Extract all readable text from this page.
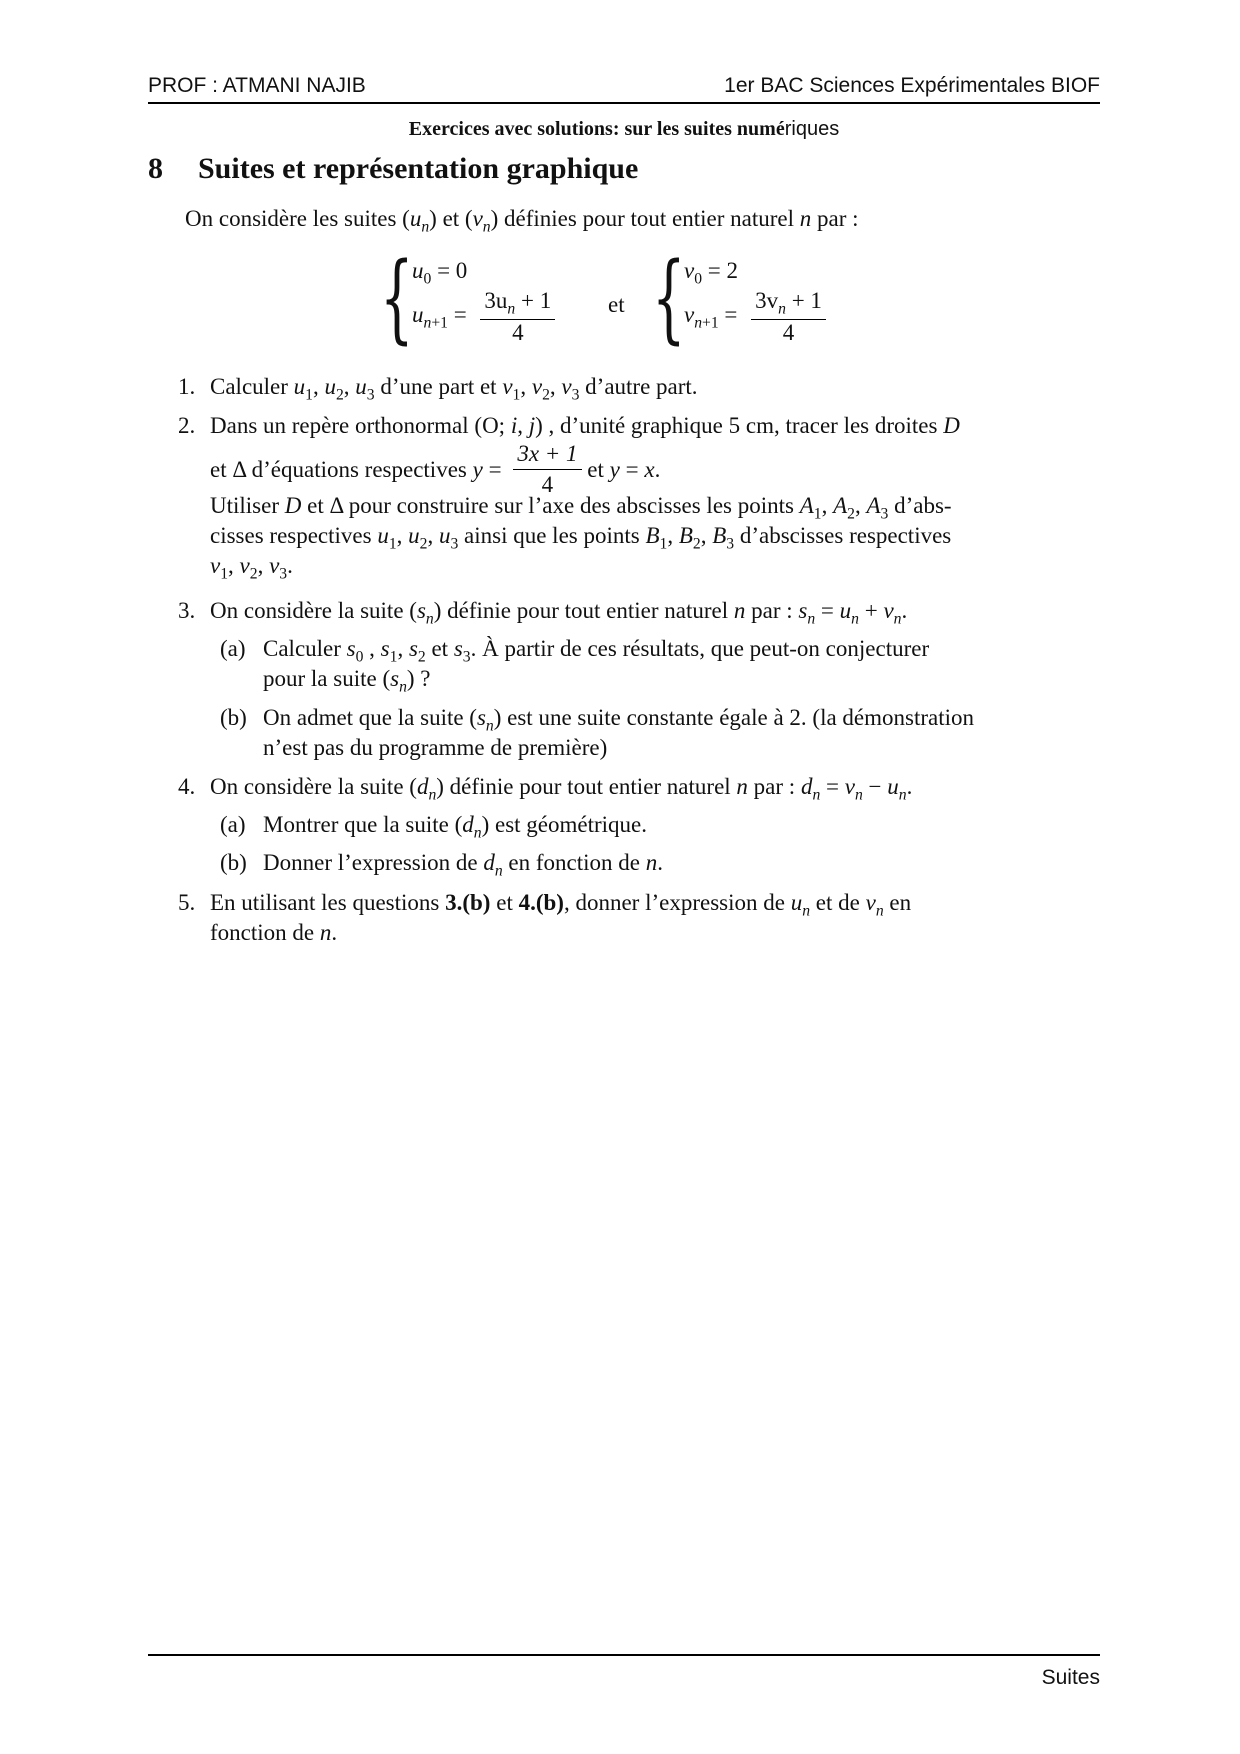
PROF : ATMANI NAJIB	1er BAC Sciences Expérimentales BIOF
Exercices avec solutions: sur les suites numériques
8 Suites et représentation graphique
On considère les suites $(u_n)$ et $(v_n)$ définies pour tout entier naturel n par :
{
$u_0 = 0$
$u_{n+1} = \frac{3u_n + 1}{4}$ et {
$v_0 = 2$
$v_{n+1} = \frac{3v_n + 1}{4}$
1. Calculer $u_1$, $u_2$, $u_3$ d’une part et $v_1$, $v_2$, $v_3$ d’autre part.
2. Dans un repère orthonormal (O; i, j) , d’unité graphique 5 cm, tracer les droites D
et Δ d’équations respectives $y = \frac{3x + 1}{4}$ et y = x.
Utiliser D et Δ pour construire sur l’axe des abscisses les points $A_1$, $A_2$, $A_3$ d’abs-
cisses respectives $u_1$, $u_2$, $u_3$ ainsi que les points $B_1$, $B_2$, $B_3$ d’abscisses respectives
$v_1$, $v_2$, $v_3$.
3. On considère la suite $(s_n)$ définie pour tout entier naturel n par : $s_n = u_n + v_n$.
(a) Calculer $s_0$ , $s_1$, $s_2$ et $s_3$. À partir de ces résultats, que peut-on conjecturer
pour la suite $(s_n)$ ?
(b) On admet que la suite $(s_n)$ est une suite constante égale à 2. (la démonstration
n’est pas du programme de première)
4. On considère la suite $(d_n)$ définie pour tout entier naturel n par : $d_n = v_n - u_n$.
(a) Montrer que la suite $(d_n)$ est géométrique.
(b) Donner l’expression de $d_n$ en fonction de n.
5. En utilisant les questions 3.(b) et 4.(b), donner l’expression de $u_n$ et de $v_n$ en
fonction de n.
Suites
